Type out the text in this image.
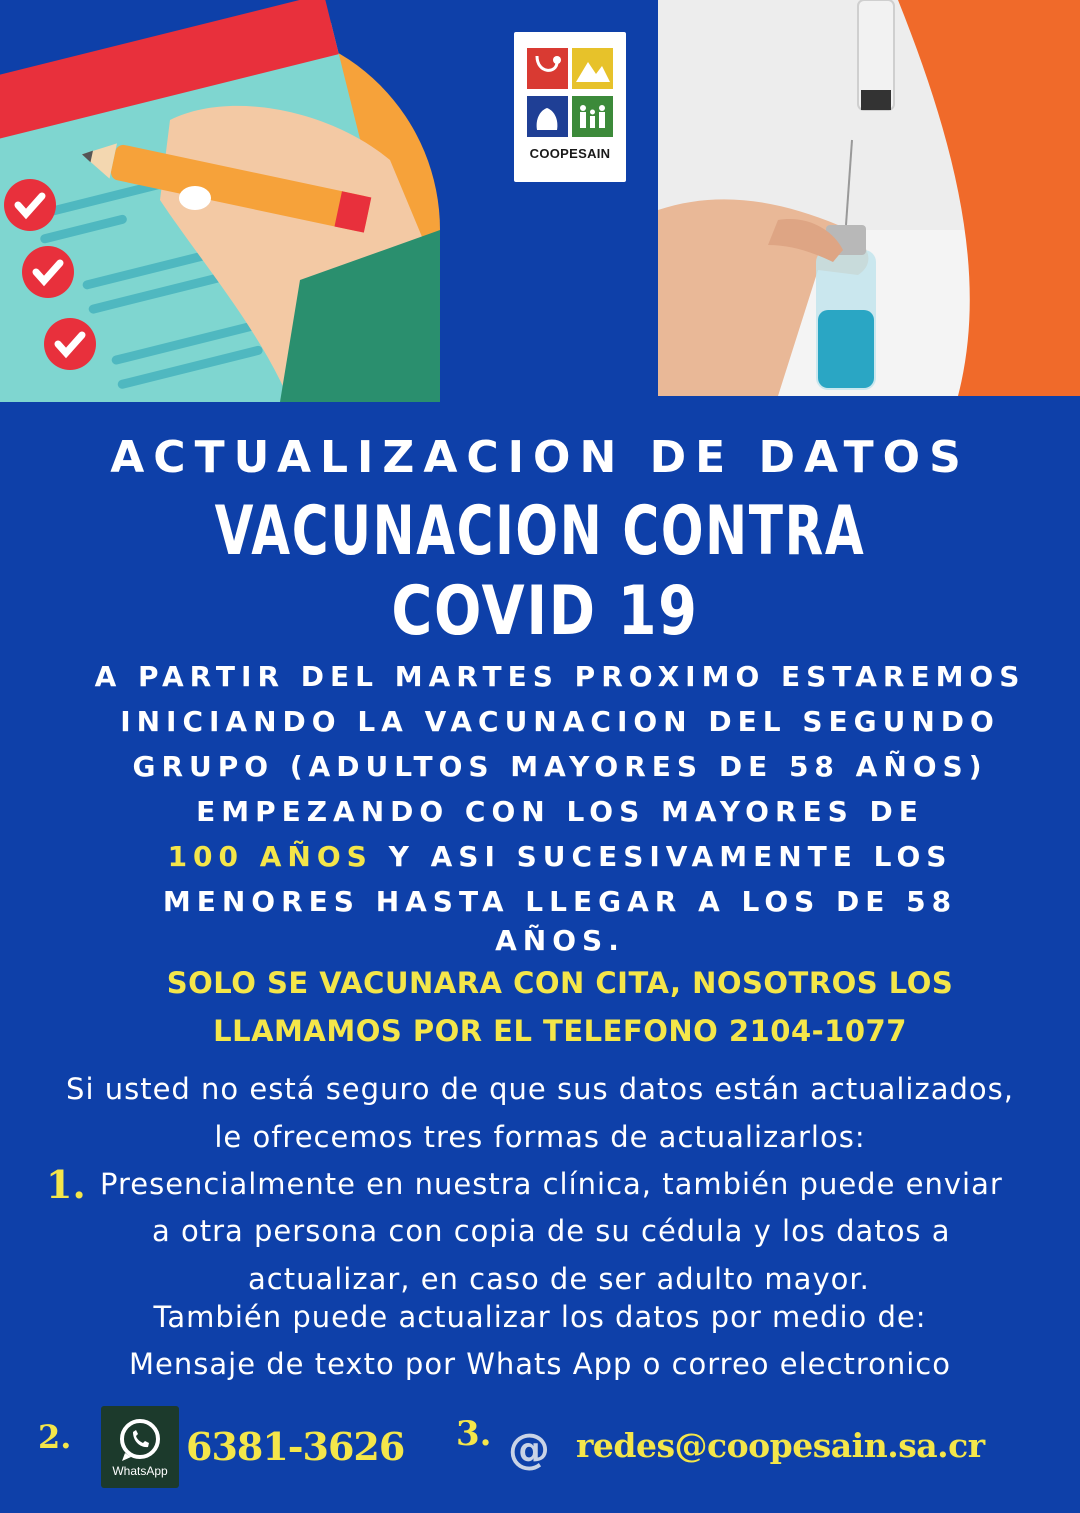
COOPESAIN
ACTUALIZACION DE DATOS
VACUNACION CONTRA
COVID 19
A PARTIR DEL MARTES PROXIMO ESTAREMOS
INICIANDO LA VACUNACION DEL SEGUNDO
GRUPO (ADULTOS MAYORES DE 58 AÑOS)
EMPEZANDO CON LOS MAYORES DE
100 AÑOS Y ASI SUCESIVAMENTE LOS
MENORES HASTA LLEGAR A LOS DE 58
AÑOS.
SOLO SE VACUNARA CON CITA, NOSOTROS LOS
LLAMAMOS POR EL TELEFONO 2104-1077
Si usted no está seguro de que sus datos están actualizados,
le ofrecemos tres formas de actualizarlos:
1. Presencialmente en nuestra clínica, también puede enviar
a otra persona con copia de su cédula y los datos a
actualizar, en caso de ser adulto mayor.
También puede actualizar los datos por medio de:
Mensaje de texto por Whats App o correo electronico
2.
WhatsApp
6381-3626 3. @ redes@coopesain.sa.cr
